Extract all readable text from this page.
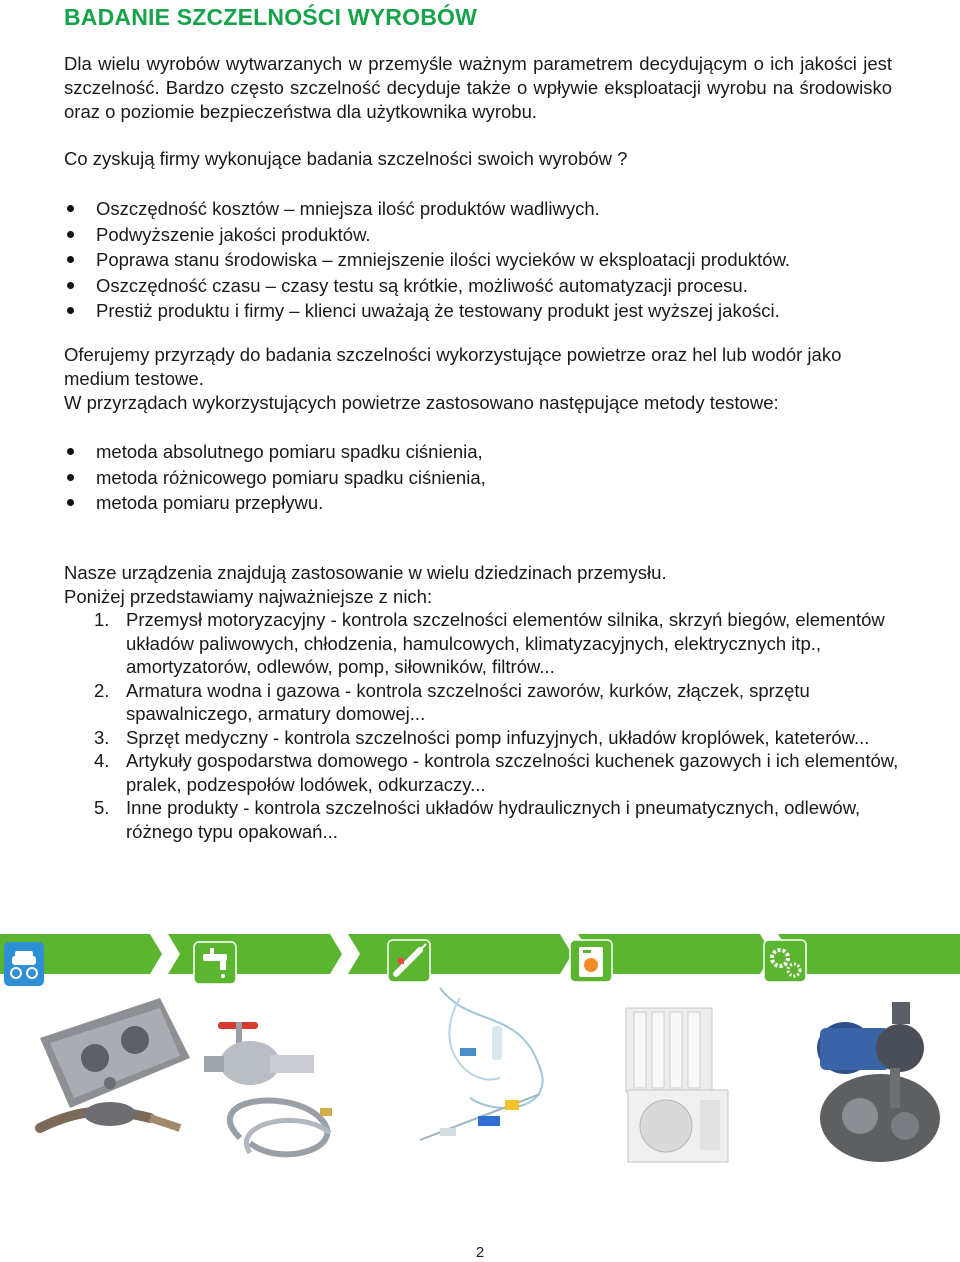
BADANIE SZCZELNOŚCI WYROBÓW

Dla wielu wyrobów wytwarzanych w przemyśle ważnym parametrem decydującym o ich jakości jest szczelność. Bardzo często szczelność decyduje także o wpływie eksploatacji wyrobu na środowisko oraz o poziomie bezpieczeństwa dla użytkownika wyrobu.

Co zyskują firmy wykonujące badania szczelności swoich wyrobów ?

Oszczędność kosztów – mniejsza ilość produktów wadliwych.
Podwyższenie jakości produktów.
Poprawa stanu środowiska – zmniejszenie ilości wycieków w eksploatacji produktów.
Oszczędność czasu – czasy testu są krótkie, możliwość automatyzacji procesu.
Prestiż produktu i firmy – klienci uważają że testowany produkt jest wyższej jakości.

Oferujemy przyrządy do badania szczelności wykorzystujące powietrze oraz hel lub wodór jako medium testowe.

W przyrządach wykorzystujących powietrze zastosowano następujące metody testowe:

metoda absolutnego pomiaru spadku ciśnienia,
metoda różnicowego pomiaru spadku ciśnienia,
metoda pomiaru przepływu.

Nasze urządzenia znajdują zastosowanie w wielu dziedzinach przemysłu.

Poniżej przedstawiamy najważniejsze z nich:

1. Przemysł motoryzacyjny - kontrola szczelności elementów silnika, skrzyń biegów, elementów układów paliwowych, chłodzenia, hamulcowych, klimatyzacyjnych, elektrycznych itp., amortyzatorów, odlewów, pomp, siłowników, filtrów...
2. Armatura wodna i gazowa - kontrola szczelności zaworów, kurków, złączek, sprzętu spawalniczego, armatury domowej...
3. Sprzęt medyczny - kontrola szczelności pomp infuzyjnych, układów kroplówek, kateterów...
4. Artykuły gospodarstwa domowego - kontrola szczelności kuchenek gazowych i ich elementów, pralek, podzespołów lodówek, odkurzaczy...
5. Inne produkty - kontrola szczelności układów hydraulicznych i pneumatycznych, odlewów, różnego typu opakowań...
2
